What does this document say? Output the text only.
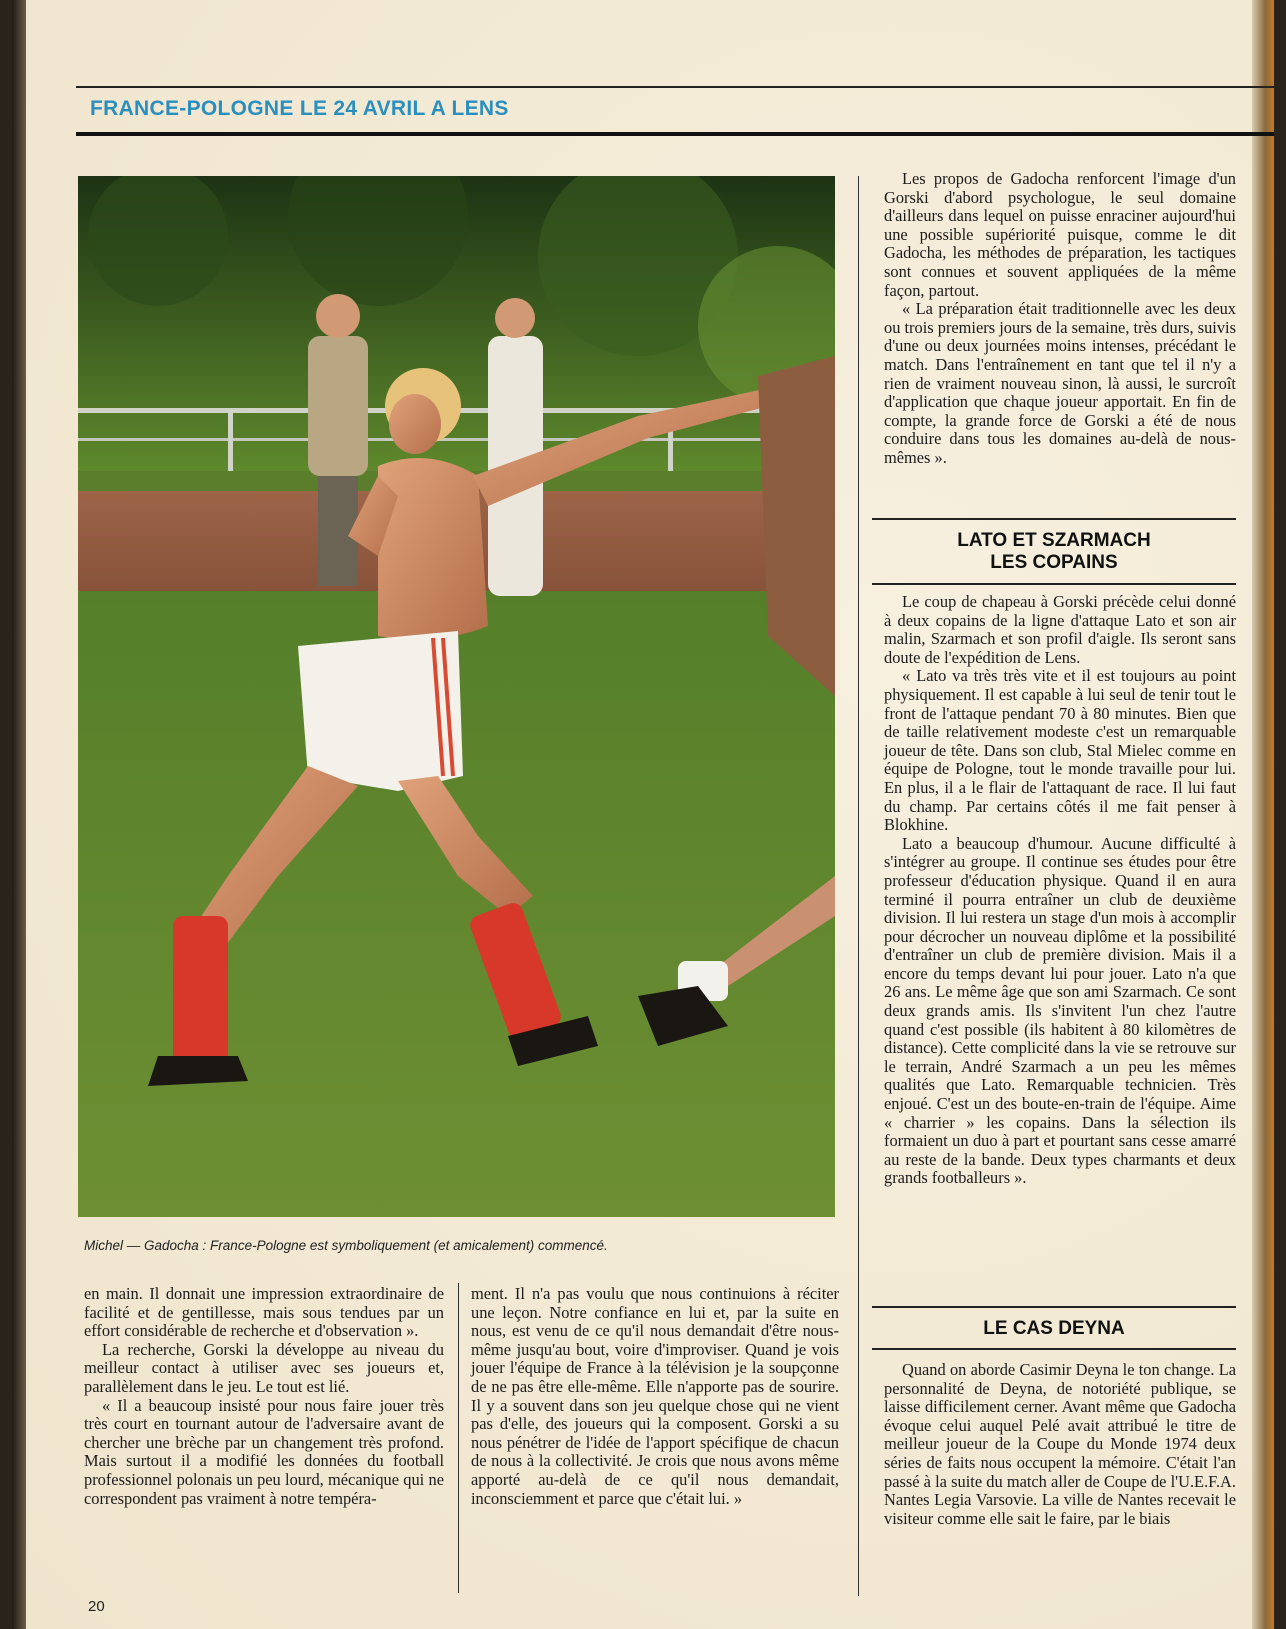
FRANCE-POLOGNE LE 24 AVRIL A LENS
Michel — Gadocha : France-Pologne est symboliquement (et amicalement) commencé.

en main. Il donnait une impression extraordinaire de facilité et de gentillesse, mais sous tendues par un effort considérable de recherche et d'observation ».

La recherche, Gorski la développe au niveau du meilleur contact à utiliser avec ses joueurs et, parallèlement dans le jeu. Le tout est lié.

« Il a beaucoup insisté pour nous faire jouer très très court en tournant autour de l'adversaire avant de chercher une brèche par un changement très profond. Mais surtout il a modifié les données du football professionnel polonais un peu lourd, mécanique qui ne correspondent pas vraiment à notre tempéra-

ment. Il n'a pas voulu que nous continuions à réciter une leçon. Notre confiance en lui et, par la suite en nous, est venu de ce qu'il nous demandait d'être nous-même jusqu'au bout, voire d'improviser. Quand je vois jouer l'équipe de France à la télévision je la soupçonne de ne pas être elle-même. Elle n'apporte pas de sourire. Il y a souvent dans son jeu quelque chose qui ne vient pas d'elle, des joueurs qui la composent. Gorski a su nous pénétrer de l'idée de l'apport spécifique de chacun de nous à la collectivité. Je crois que nous avons même apporté au-delà de ce qu'il nous demandait, inconsciemment et parce que c'était lui. »

Les propos de Gadocha renforcent l'image d'un Gorski d'abord psychologue, le seul domaine d'ailleurs dans lequel on puisse enraciner aujourd'hui une possible supériorité puisque, comme le dit Gadocha, les méthodes de préparation, les tactiques sont connues et souvent appliquées de la même façon, partout.

« La préparation était traditionnelle avec les deux ou trois premiers jours de la semaine, très durs, suivis d'une ou deux journées moins intenses, précédant le match. Dans l'entraînement en tant que tel il n'y a rien de vraiment nouveau sinon, là aussi, le surcroît d'application que chaque joueur apportait. En fin de compte, la grande force de Gorski a été de nous conduire dans tous les domaines au-delà de nous-mêmes ».

LATO ET SZARMACH
LES COPAINS

Le coup de chapeau à Gorski précède celui donné à deux copains de la ligne d'attaque Lato et son air malin, Szarmach et son profil d'aigle. Ils seront sans doute de l'expédition de Lens.

« Lato va très très vite et il est toujours au point physiquement. Il est capable à lui seul de tenir tout le front de l'attaque pendant 70 à 80 minutes. Bien que de taille relativement modeste c'est un remarquable joueur de tête. Dans son club, Stal Mielec comme en équipe de Pologne, tout le monde travaille pour lui. En plus, il a le flair de l'attaquant de race. Il lui faut du champ. Par certains côtés il me fait penser à Blokhine.

Lato a beaucoup d'humour. Aucune difficulté à s'intégrer au groupe. Il continue ses études pour être professeur d'éducation physique. Quand il en aura terminé il pourra entraîner un club de deuxième division. Il lui restera un stage d'un mois à accomplir pour décrocher un nouveau diplôme et la possibilité d'entraîner un club de première division. Mais il a encore du temps devant lui pour jouer. Lato n'a que 26 ans. Le même âge que son ami Szarmach. Ce sont deux grands amis. Ils s'invitent l'un chez l'autre quand c'est possible (ils habitent à 80 kilomètres de distance). Cette complicité dans la vie se retrouve sur le terrain, André Szarmach a un peu les mêmes qualités que Lato. Remarquable technicien. Très enjoué. C'est un des boute-en-train de l'équipe. Aime « charrier » les copains. Dans la sélection ils formaient un duo à part et pourtant sans cesse amarré au reste de la bande. Deux types charmants et deux grands footballeurs ».

LE CAS DEYNA

Quand on aborde Casimir Deyna le ton change. La personnalité de Deyna, de notoriété publique, se laisse difficilement cerner. Avant même que Gadocha évoque celui auquel Pelé avait attribué le titre de meilleur joueur de la Coupe du Monde 1974 deux séries de faits nous occupent la mémoire. C'était l'an passé à la suite du match aller de Coupe de l'U.E.F.A. Nantes Legia Varsovie. La ville de Nantes recevait le visiteur comme elle sait le faire, par le biais

20
